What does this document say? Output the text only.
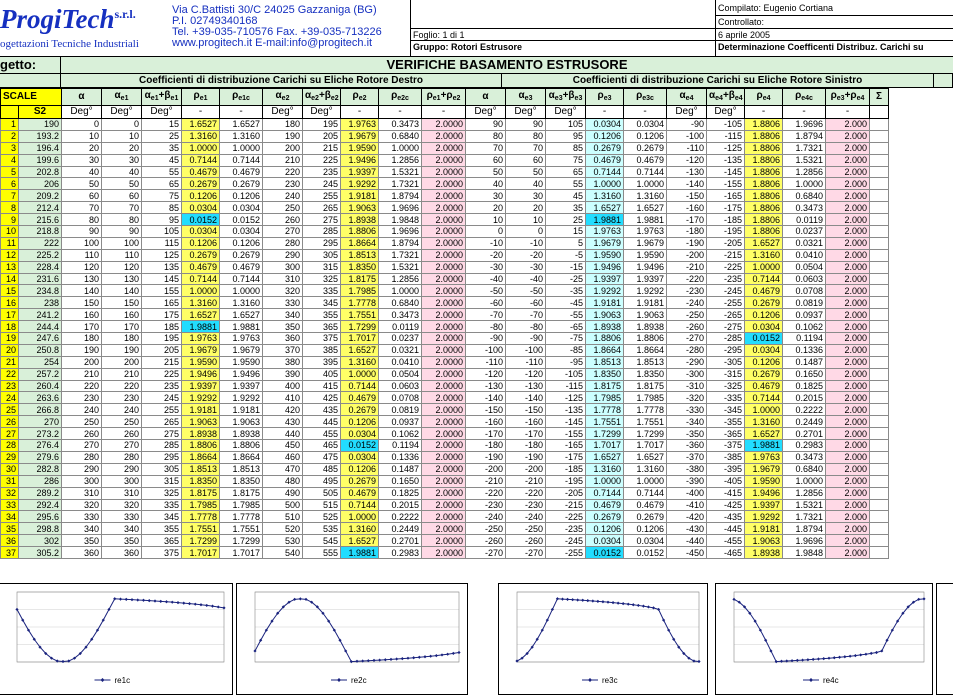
ProgiTech$^{s.r.l.}$
ogettazioni Tecniche Industriali
Via C.Battisti 30/C 24025 Gazzaniga (BG)
P.I. 02749340168
Tel. +39-035-710576 Fax. +39-035-713226
www.progitech.it E-mail:info@progitech.it
Foglio: 1 di 1
Gruppo: Rotori Estrusore
Compilato: Eugenio Cortiana
Controllato:
6 aprile 2005
Determinazione Coefficenti Distribuz. Carichi su
getto:	VERIFICHE BASAMENTO ESTRUSORE
Coefficienti di distribuzione Carichi su Eliche Rotore Destro	Coefficienti di distribuzione Carichi su Eliche Rotore Sinistro
SCALE		α	$\alpha_{e1}$	$\alpha_{e1}+\beta_{e1}$	$\rho_{e1}$	$\rho_{e1c}$	$\alpha_{e2}$	$\alpha_{e2}+\beta_{e2}$	$\rho_{e2}$	$\rho_{e2c}$	$\rho_{e1}+\rho_{e2}$	α	$\alpha_{e3}$	$\alpha_{e3}+\beta_{e3}$	$\rho_{e3}$	$\rho_{e3c}$	$\alpha_{e4}$	$\alpha_{e4}+\beta_{e4}$	$\rho_{e4}$	$\rho_{e4c}$	$\rho_{e3}+\rho_{e4}$	Σ
	S2	Deg°	Deg°	Deg°	-	-	Deg°	Deg°	-	-	-	Deg°	Deg°	Deg°	-	-	Deg°	Deg°	-	-	-	
1	190	0	0	15	1.6527	1.6527	180	195	1.9763	0.3473	2.0000	90	90	105	0.0304	0.0304	-90	-105	1.8806	1.9696	2.000	
2	193.2	10	10	25	1.3160	1.3160	190	205	1.9679	0.6840	2.0000	80	80	95	0.1206	0.1206	-100	-115	1.8806	1.8794	2.000	
3	196.4	20	20	35	1.0000	1.0000	200	215	1.9590	1.0000	2.0000	70	70	85	0.2679	0.2679	-110	-125	1.8806	1.7321	2.000	
4	199.6	30	30	45	0.7144	0.7144	210	225	1.9496	1.2856	2.0000	60	60	75	0.4679	0.4679	-120	-135	1.8806	1.5321	2.000	
5	202.8	40	40	55	0.4679	0.4679	220	235	1.9397	1.5321	2.0000	50	50	65	0.7144	0.7144	-130	-145	1.8806	1.2856	2.000	
6	206	50	50	65	0.2679	0.2679	230	245	1.9292	1.7321	2.0000	40	40	55	1.0000	1.0000	-140	-155	1.8806	1.0000	2.000	
7	209.2	60	60	75	0.1206	0.1206	240	255	1.9181	1.8794	2.0000	30	30	45	1.3160	1.3160	-150	-165	1.8806	0.6840	2.000	
8	212.4	70	70	85	0.0304	0.0304	250	265	1.9063	1.9696	2.0000	20	20	35	1.6527	1.6527	-160	-175	1.8806	0.3473	2.000	
9	215.6	80	80	95	0.0152	0.0152	260	275	1.8938	1.9848	2.0000	10	10	25	1.9881	1.9881	-170	-185	1.8806	0.0119	2.000	
10	218.8	90	90	105	0.0304	0.0304	270	285	1.8806	1.9696	2.0000	0	0	15	1.9763	1.9763	-180	-195	1.8806	0.0237	2.000	
11	222	100	100	115	0.1206	0.1206	280	295	1.8664	1.8794	2.0000	-10	-10	5	1.9679	1.9679	-190	-205	1.6527	0.0321	2.000	
12	225.2	110	110	125	0.2679	0.2679	290	305	1.8513	1.7321	2.0000	-20	-20	-5	1.9590	1.9590	-200	-215	1.3160	0.0410	2.000	
13	228.4	120	120	135	0.4679	0.4679	300	315	1.8350	1.5321	2.0000	-30	-30	-15	1.9496	1.9496	-210	-225	1.0000	0.0504	2.000	
14	231.6	130	130	145	0.7144	0.7144	310	325	1.8175	1.2856	2.0000	-40	-40	-25	1.9397	1.9397	-220	-235	0.7144	0.0603	2.000	
15	234.8	140	140	155	1.0000	1.0000	320	335	1.7985	1.0000	2.0000	-50	-50	-35	1.9292	1.9292	-230	-245	0.4679	0.0708	2.000	
16	238	150	150	165	1.3160	1.3160	330	345	1.7778	0.6840	2.0000	-60	-60	-45	1.9181	1.9181	-240	-255	0.2679	0.0819	2.000	
17	241.2	160	160	175	1.6527	1.6527	340	355	1.7551	0.3473	2.0000	-70	-70	-55	1.9063	1.9063	-250	-265	0.1206	0.0937	2.000	
18	244.4	170	170	185	1.9881	1.9881	350	365	1.7299	0.0119	2.0000	-80	-80	-65	1.8938	1.8938	-260	-275	0.0304	0.1062	2.000	
19	247.6	180	180	195	1.9763	1.9763	360	375	1.7017	0.0237	2.0000	-90	-90	-75	1.8806	1.8806	-270	-285	0.0152	0.1194	2.000	
20	250.8	190	190	205	1.9679	1.9679	370	385	1.6527	0.0321	2.0000	-100	-100	-85	1.8664	1.8664	-280	-295	0.0304	0.1336	2.000	
21	254	200	200	215	1.9590	1.9590	380	395	1.3160	0.0410	2.0000	-110	-110	-95	1.8513	1.8513	-290	-305	0.1206	0.1487	2.000	
22	257.2	210	210	225	1.9496	1.9496	390	405	1.0000	0.0504	2.0000	-120	-120	-105	1.8350	1.8350	-300	-315	0.2679	0.1650	2.000	
23	260.4	220	220	235	1.9397	1.9397	400	415	0.7144	0.0603	2.0000	-130	-130	-115	1.8175	1.8175	-310	-325	0.4679	0.1825	2.000	
24	263.6	230	230	245	1.9292	1.9292	410	425	0.4679	0.0708	2.0000	-140	-140	-125	1.7985	1.7985	-320	-335	0.7144	0.2015	2.000	
25	266.8	240	240	255	1.9181	1.9181	420	435	0.2679	0.0819	2.0000	-150	-150	-135	1.7778	1.7778	-330	-345	1.0000	0.2222	2.000	
26	270	250	250	265	1.9063	1.9063	430	445	0.1206	0.0937	2.0000	-160	-160	-145	1.7551	1.7551	-340	-355	1.3160	0.2449	2.000	
27	273.2	260	260	275	1.8938	1.8938	440	455	0.0304	0.1062	2.0000	-170	-170	-155	1.7299	1.7299	-350	-365	1.6527	0.2701	2.000	
28	276.4	270	270	285	1.8806	1.8806	450	465	0.0152	0.1194	2.0000	-180	-180	-165	1.7017	1.7017	-360	-375	1.9881	0.2983	2.000	
29	279.6	280	280	295	1.8664	1.8664	460	475	0.0304	0.1336	2.0000	-190	-190	-175	1.6527	1.6527	-370	-385	1.9763	0.3473	2.000	
30	282.8	290	290	305	1.8513	1.8513	470	485	0.1206	0.1487	2.0000	-200	-200	-185	1.3160	1.3160	-380	-395	1.9679	0.6840	2.000	
31	286	300	300	315	1.8350	1.8350	480	495	0.2679	0.1650	2.0000	-210	-210	-195	1.0000	1.0000	-390	-405	1.9590	1.0000	2.000	
32	289.2	310	310	325	1.8175	1.8175	490	505	0.4679	0.1825	2.0000	-220	-220	-205	0.7144	0.7144	-400	-415	1.9496	1.2856	2.000	
33	292.4	320	320	335	1.7985	1.7985	500	515	0.7144	0.2015	2.0000	-230	-230	-215	0.4679	0.4679	-410	-425	1.9397	1.5321	2.000	
34	295.6	330	330	345	1.7778	1.7778	510	525	1.0000	0.2222	2.0000	-240	-240	-225	0.2679	0.2679	-420	-435	1.9292	1.7321	2.000	
35	298.8	340	340	355	1.7551	1.7551	520	535	1.3160	0.2449	2.0000	-250	-250	-235	0.1206	0.1206	-430	-445	1.9181	1.8794	2.000	
36	302	350	350	365	1.7299	1.7299	530	545	1.6527	0.2701	2.0000	-260	-260	-245	0.0304	0.0304	-440	-455	1.9063	1.9696	2.000	
37	305.2	360	360	375	1.7017	1.7017	540	555	1.9881	0.2983	2.0000	-270	-270	-255	0.0152	0.0152	-450	-465	1.8938	1.9848	2.000	
re1c	re2c	re3c	re4c
